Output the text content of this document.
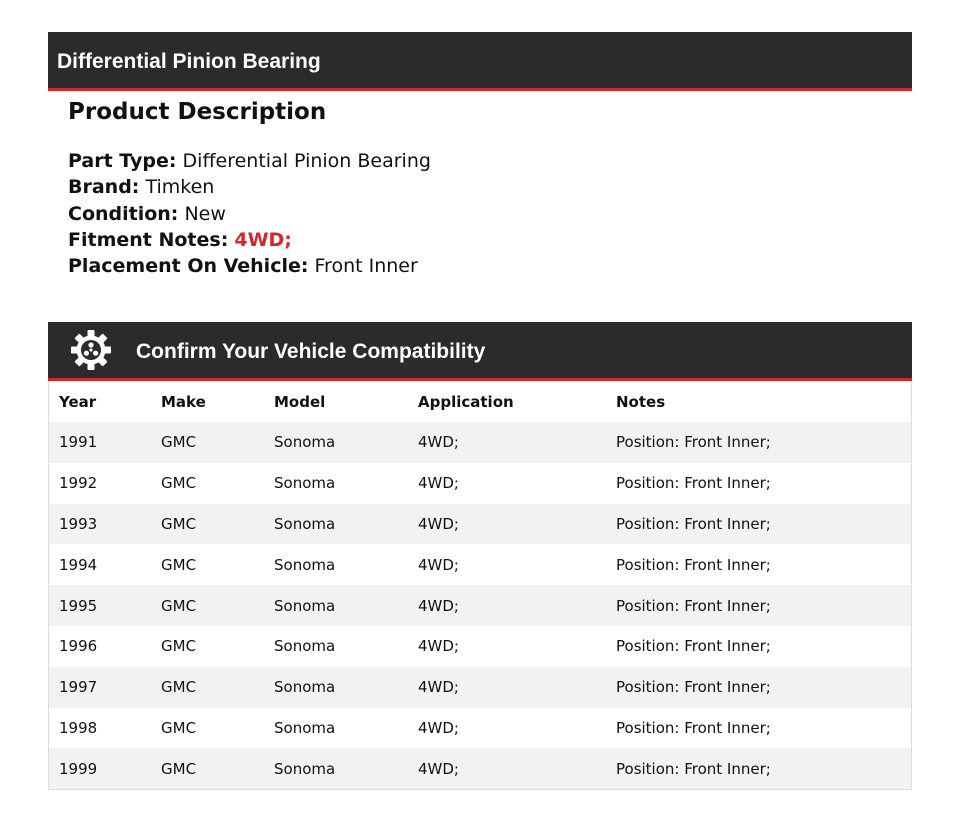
Differential Pinion Bearing
Product Description
Part Type: Differential Pinion Bearing
Brand: Timken
Condition: New
Fitment Notes: 4WD;
Placement On Vehicle: Front Inner
Confirm Your Vehicle Compatibility
Year	Make	Model	Application	Notes
1991	GMC	Sonoma	4WD;	Position: Front Inner;
1992	GMC	Sonoma	4WD;	Position: Front Inner;
1993	GMC	Sonoma	4WD;	Position: Front Inner;
1994	GMC	Sonoma	4WD;	Position: Front Inner;
1995	GMC	Sonoma	4WD;	Position: Front Inner;
1996	GMC	Sonoma	4WD;	Position: Front Inner;
1997	GMC	Sonoma	4WD;	Position: Front Inner;
1998	GMC	Sonoma	4WD;	Position: Front Inner;
1999	GMC	Sonoma	4WD;	Position: Front Inner;
